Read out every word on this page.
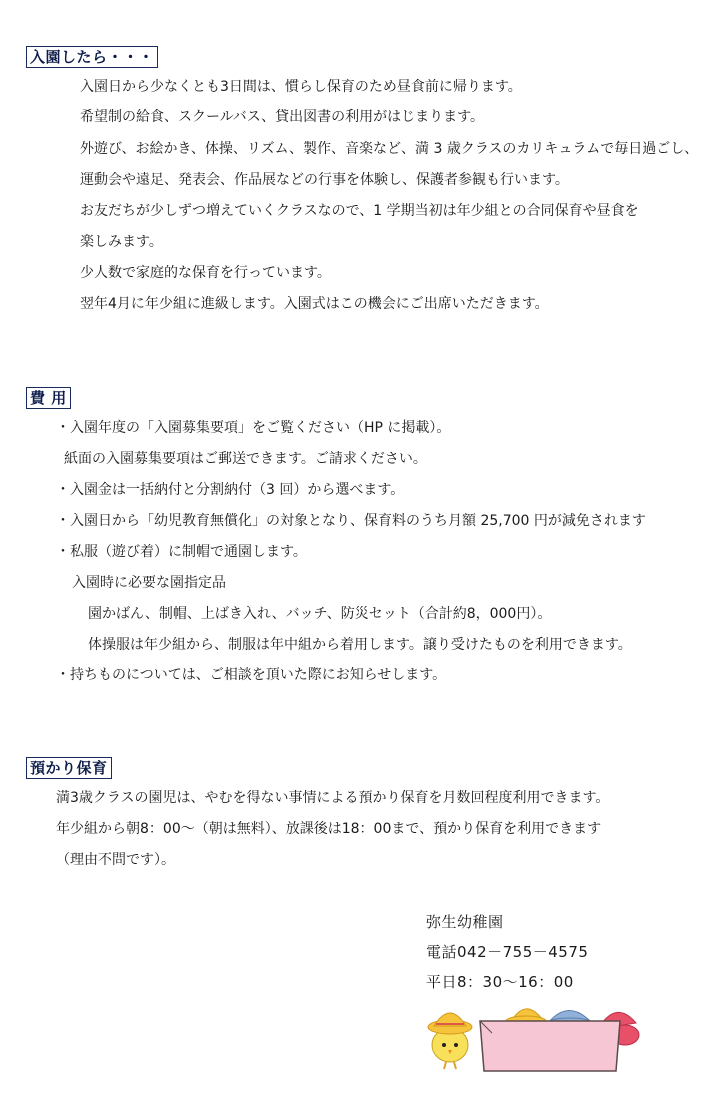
入園したら・・・
入園日から少なくとも3日間は、慣らし保育のため昼食前に帰ります。
希望制の給食、スクールバス、貸出図書の利用がはじまります。
外遊び、お絵かき、体操、リズム、製作、音楽など、満 3 歳クラスのカリキュラムで毎日過ごし、
運動会や遠足、発表会、作品展などの行事を体験し、保護者参観も行います。
お友だちが少しずつ増えていくクラスなので、1 学期当初は年少組との合同保育や昼食を
楽しみます。
少人数で家庭的な保育を行っています。
翌年4月に年少組に進級します。入園式はこの機会にご出席いただきます。
費 用
・入園年度の「入園募集要項」をご覧ください（HP に掲載）。
紙面の入園募集要項はご郵送できます。ご請求ください。
・入園金は一括納付と分割納付（3 回）から選べます。
・入園日から「幼児教育無償化」の対象となり、保育料のうち月額 25,700 円が減免されます
・私服（遊び着）に制帽で通園します。
入園時に必要な園指定品
園かばん、制帽、上ばき入れ、バッチ、防災セット（合計約8，000円）。
体操服は年少組から、制服は年中組から着用します。譲り受けたものを利用できます。
・持ちものについては、ご相談を頂いた際にお知らせします。
預かり保育
満3歳クラスの園児は、やむを得ない事情による預かり保育を月数回程度利用できます。
年少組から朝8：00～（朝は無料）、放課後は18：00まで、預かり保育を利用できます
（理由不問です）。
弥生幼稚園
電話042－755－4575
平日8：30～16：00
